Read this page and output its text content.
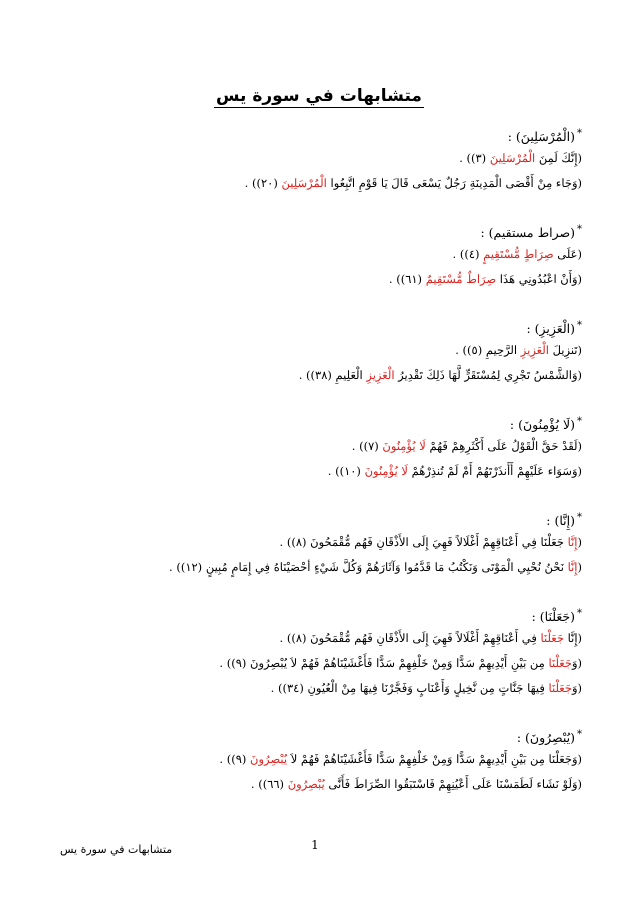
متشابهات في سورة يس
*(الْمُرْسَلِينَ) :
(إِنَّكَ لَمِنَ الْمُرْسَلِينَ (٣)) .
(وَجَاء مِنْ أَقْصَى الْمَدِينَةِ رَجُلٌ يَسْعَى قَالَ يَا قَوْمِ اتَّبِعُوا الْمُرْسَلِينَ (٢٠)) .
*(صراط مستقيم) :
(عَلَى صِرَاطٍ مُّسْتَقِيمٍ (٤)) .
(وَأَنْ اعْبُدُونِي هَذَا صِرَاطٌ مُّسْتَقِيمٌ (٦١)) .
*(الْعَزِيزِ) :
(تَنزِيلَ الْعَزِيزِ الرَّحِيمِ (٥)) .
(وَالشَّمْسُ تَجْرِي لِمُسْتَقَرٍّ لَّهَا ذَلِكَ تَقْدِيرُ الْعَزِيزِ الْعَلِيمِ (٣٨)) .
*(لَا يُؤْمِنُونَ) :
(لَقَدْ حَقَّ الْقَوْلُ عَلَى أَكْثَرِهِمْ فَهُمْ لَا يُؤْمِنُونَ (٧)) .
(وَسَوَاء عَلَيْهِمْ أَأَنذَرْتَهُمْ أَمْ لَمْ تُنذِرْهُمْ لَا يُؤْمِنُونَ (١٠)) .
*(إِنَّا) :
(إِنَّا جَعَلْنَا فِي أَعْنَاقِهِمْ أَغْلَالاً فَهِيَ إِلَى الأَذْقَانِ فَهُم مُّقْمَحُونَ (٨)) .
(إِنَّا نَحْنُ نُحْيِي الْمَوْتَى وَنَكْتُبُ مَا قَدَّمُوا وَآثَارَهُمْ وَكُلَّ شَيْءٍ أحْصَيْنَاهُ فِي إِمَامٍ مُبِينٍ (١٢)) .
*(جَعَلْنَا) :
(إِنَّا جَعَلْنَا فِي أَعْنَاقِهِمْ أَغْلَالاً فَهِيَ إِلَى الأَذْقَانِ فَهُم مُّقْمَحُونَ (٨)) .
(وَجَعَلْنَا مِن بَيْنِ أَيْدِيهِمْ سَدًّا وَمِنْ خَلْفِهِمْ سَدًّا فَأَغْشَيْنَاهُمْ فَهُمْ لاَ يُبْصِرُونَ (٩)) .
(وَجَعَلْنَا فِيهَا جَنَّاتٍ مِن نَّخِيلٍ وَأَعْنَابٍ وَفَجَّرْنَا فِيهَا مِنْ الْعُيُونِ (٣٤)) .
*(يُبْصِرُونَ) :
(وَجَعَلْنَا مِن بَيْنِ أَيْدِيهِمْ سَدًّا وَمِنْ خَلْفِهِمْ سَدًّا فَأَغْشَيْنَاهُمْ فَهُمْ لاَ يُبْصِرُونَ (٩)) .
(وَلَوْ نَشَاء لَطَمَسْنَا عَلَى أَعْيُنِهِمْ فَاسْتَبَقُوا الصِّرَاطَ فَأَنَّى يُبْصِرُونَ (٦٦)) .
1
متشابهات في سورة يس
